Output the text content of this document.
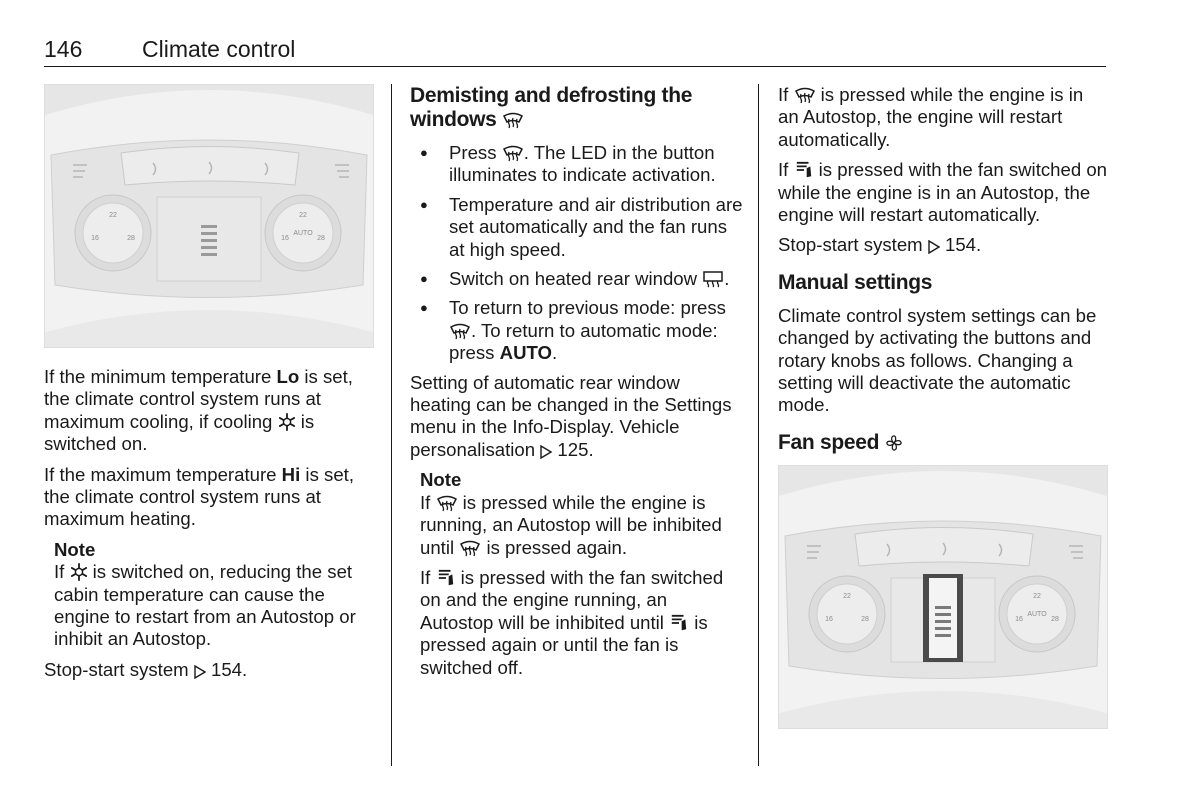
146	Climate control
22
16	28
22
AUTO
16	28

If the minimum temperature Lo is set, the climate control system runs at maximum cooling, if cooling  is switched on.

If the maximum temperature Hi is set, the climate control system runs at maximum heating.

Note

If  is switched on, reducing the set cabin temperature can cause the engine to restart from an Autostop or inhibit an Autostop.

Stop-start system  154.

Demisting and defrosting the windows
● Press . The LED in the button illuminates to indicate activation.
● Temperature and air distribution are set automatically and the fan runs at high speed.
● Switch on heated rear window .
● To return to previous mode: press . To return to automatic mode: press AUTO.

Setting of automatic rear window heating can be changed in the Settings menu in the Info-Display. Vehicle personalisation  125.

Note

If  is pressed while the engine is running, an Autostop will be inhibited until  is pressed again.

If  is pressed with the fan switched on and the engine running, an Autostop will be inhibited until  is pressed again or until the fan is switched off.

If  is pressed while the engine is in an Autostop, the engine will restart automatically.

If  is pressed with the fan switched on while the engine is in an Autostop, the engine will restart automatically.

Stop-start system  154.

Manual settings

Climate control system settings can be changed by activating the buttons and rotary knobs as follows. Changing a setting will deactivate the automatic mode.

Fan speed
22
16	28
22
AUTO
16	28
